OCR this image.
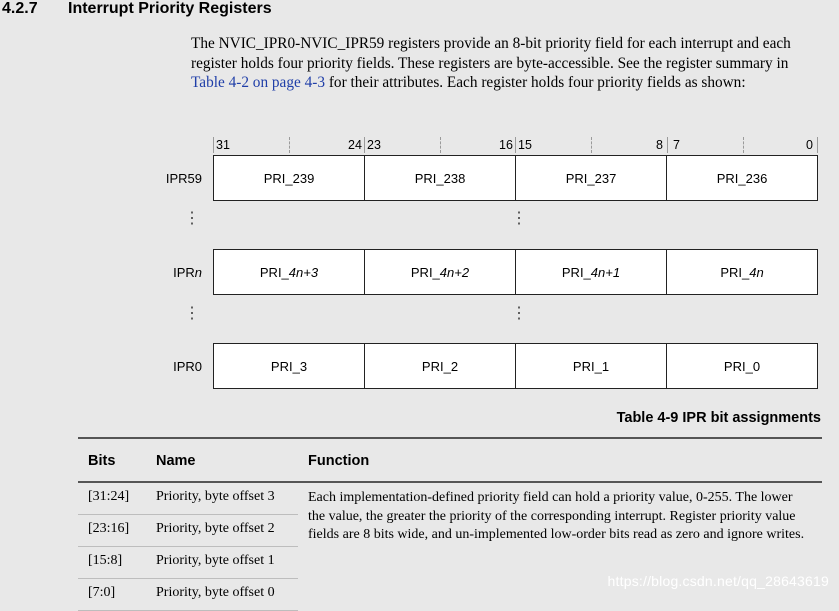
4.2.7 Interrupt Priority Registers
The NVIC_IPR0-NVIC_IPR59 registers provide an 8-bit priority field for each interrupt and each register holds four priority fields. These registers are byte-accessible. See the register summary in Table 4-2 on page 4-3 for their attributes. Each register holds four priority fields as shown:
31	24 23	16 15	8 7	0
IPR59	PRI_239	PRI_238	PRI_237	PRI_236
⋮	⋮
IPRn	PRI_ 4n+3	PRI_ 4n+2	PRI_ 4n+1	PRI_ 4n
⋮	⋮
IPR0	PRI_3	PRI_2	PRI_1	PRI_0
Table 4-9 IPR bit assignments
Bits	Name	Function
[31:24]	Priority, byte offset 3	Each implementation-defined priority field can hold a priority value, 0-255. The lower the value, the greater the priority of the corresponding interrupt. Register priority value fields are 8 bits wide, and un-implemented low-order bits read as zero and ignore writes.
[23:16]	Priority, byte offset 2	
[15:8]	Priority, byte offset 1	
[7:0]	Priority, byte offset 0	
https://blog.csdn.net/qq_28643619
